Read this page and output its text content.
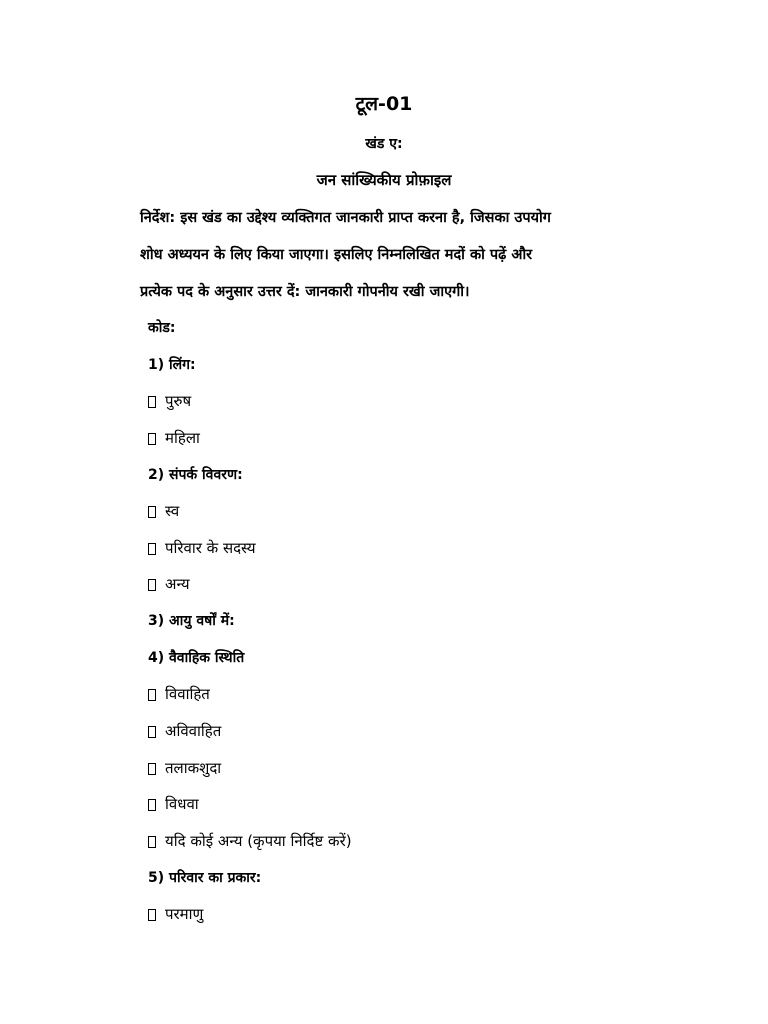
टूल-01
खंड ए:
जन सांख्यिकीय प्रोफ़ाइल
निर्देश: इस खंड का उद्देश्य व्यक्तिगत जानकारी प्राप्त करना है, जिसका उपयोग
शोध अध्ययन के लिए किया जाएगा। इसलिए निम्नलिखित मदों को पढ़ें और
प्रत्येक पद के अनुसार उत्तर दें: जानकारी गोपनीय रखी जाएगी।
कोड:
1) लिंग:
पुरुष
महिला
2) संपर्क विवरण:
स्व
परिवार के सदस्य
अन्य
3) आयु वर्षों में:
4) वैवाहिक स्थिति
विवाहित
अविवाहित
तलाकशुदा
विधवा
यदि कोई अन्य (कृपया निर्दिष्ट करें)
5) परिवार का प्रकार:
परमाणु
